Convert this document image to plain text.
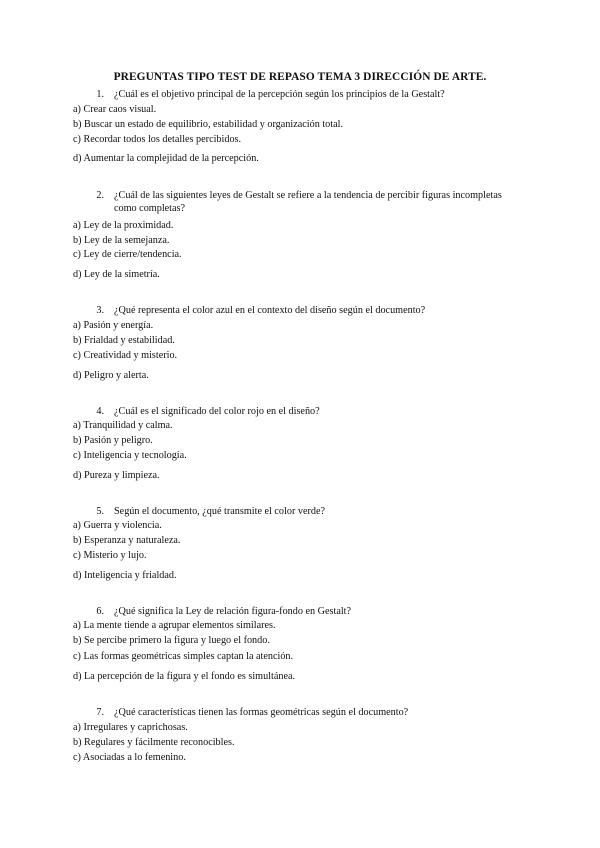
PREGUNTAS TIPO TEST DE REPASO TEMA 3 DIRECCIÓN DE ARTE.
1. ¿Cuál es el objetivo principal de la percepción según los principios de la Gestalt?
a) Crear caos visual.
b) Buscar un estado de equilibrio, estabilidad y organización total.
c) Recordar todos los detalles percibidos.
d) Aumentar la complejidad de la percepción.
2. ¿Cuál de las siguientes leyes de Gestalt se refiere a la tendencia de percibir figuras incompletas como completas?
a) Ley de la proximidad.
b) Ley de la semejanza.
c) Ley de cierre/tendencia.
d) Ley de la simetría.
3. ¿Qué representa el color azul en el contexto del diseño según el documento?
a) Pasión y energía.
b) Frialdad y estabilidad.
c) Creatividad y misterio.
d) Peligro y alerta.
4. ¿Cuál es el significado del color rojo en el diseño?
a) Tranquilidad y calma.
b) Pasión y peligro.
c) Inteligencia y tecnología.
d) Pureza y limpieza.
5. Según el documento, ¿qué transmite el color verde?
a) Guerra y violencia.
b) Esperanza y naturaleza.
c) Misterio y lujo.
d) Inteligencia y frialdad.
6. ¿Qué significa la Ley de relación figura-fondo en Gestalt?
a) La mente tiende a agrupar elementos similares.
b) Se percibe primero la figura y luego el fondo.
c) Las formas geométricas simples captan la atención.
d) La percepción de la figura y el fondo es simultánea.
7. ¿Qué características tienen las formas geométricas según el documento?
a) Irregulares y caprichosas.
b) Regulares y fácilmente reconocibles.
c) Asociadas a lo femenino.
